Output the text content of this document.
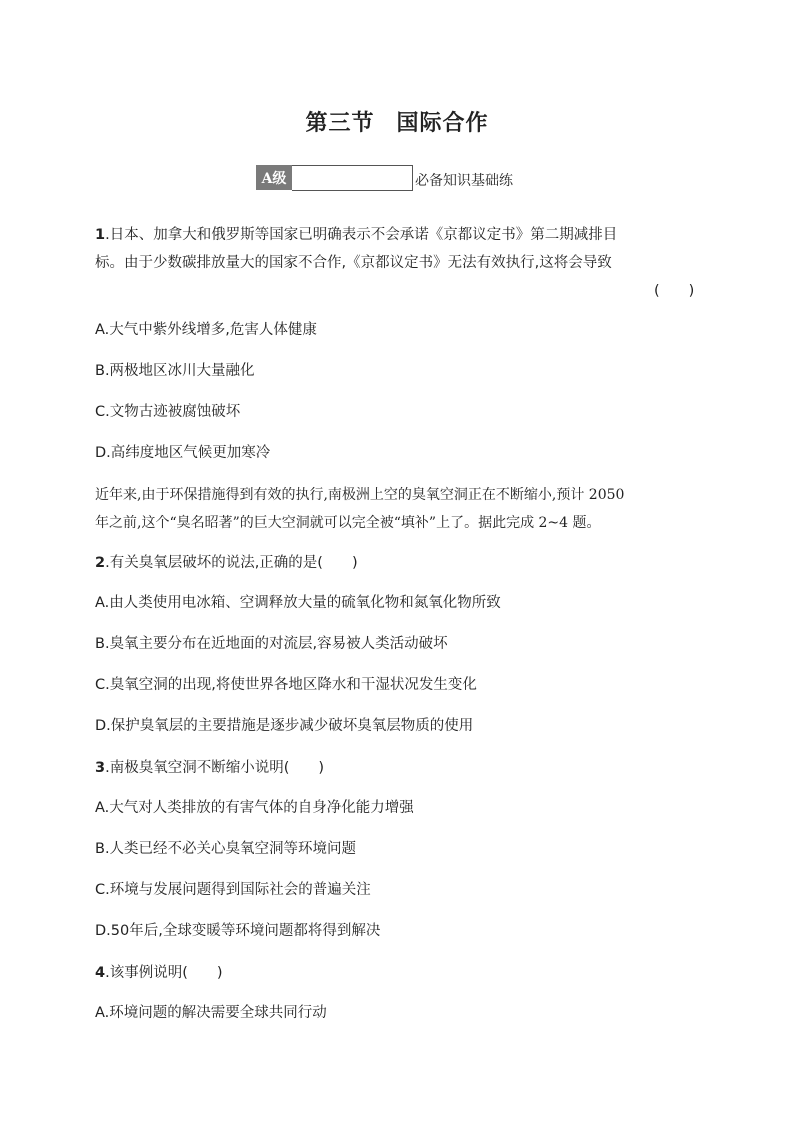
第三节 国际合作
A级	必备知识基础练
1.日本、加拿大和俄罗斯等国家已明确表示不会承诺《京都议定书》第二期减排目
标。由于少数碳排放量大的国家不合作,《京都议定书》无法有效执行,这将会导致
(　　)
A.大气中紫外线增多,危害人体健康
B.两极地区冰川大量融化
C.文物古迹被腐蚀破坏
D.高纬度地区气候更加寒冷
近年来,由于环保措施得到有效的执行,南极洲上空的臭氧空洞正在不断缩小,预计 2050
年之前,这个“臭名昭著”的巨大空洞就可以完全被“填补”上了。据此完成 2~4 题。
2.有关臭氧层破坏的说法,正确的是(　　)
A.由人类使用电冰箱、空调释放大量的硫氧化物和氮氧化物所致
B.臭氧主要分布在近地面的对流层,容易被人类活动破坏
C.臭氧空洞的出现,将使世界各地区降水和干湿状况发生变化
D.保护臭氧层的主要措施是逐步减少破坏臭氧层物质的使用
3.南极臭氧空洞不断缩小说明(　　)
A.大气对人类排放的有害气体的自身净化能力增强
B.人类已经不必关心臭氧空洞等环境问题
C.环境与发展问题得到国际社会的普遍关注
D.50年后,全球变暖等环境问题都将得到解决
4.该事例说明(　　)
A.环境问题的解决需要全球共同行动
